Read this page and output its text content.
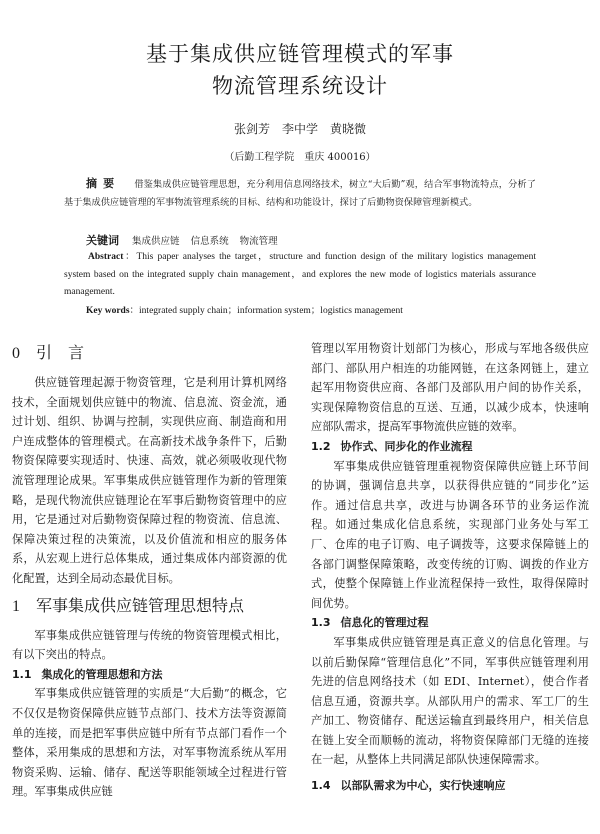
基于集成供应链管理模式的军事
物流管理系统设计
张剑芳　李中学　黄晓微
（后勤工程学院　重庆 400016）
摘要 借鉴集成供应链管理思想，充分利用信息网络技术，树立“大后勤”观，结合军事物流特点，分析了基于集成供应链管理的军事物流管理系统的目标、结构和功能设计，探讨了后勤物资保障管理新模式。
关键词 集成供应链 信息系统 物流管理
Abstract：This paper analyses the target，structure and function design of the military logistics management system based on the integrated supply chain management，and explores the new mode of logistics materials assurance management.
Key words：integrated supply chain；information system；logistics management
0 引　言

供应链管理起源于物资管理，它是利用计算机网络技术，全面规划供应链中的物流、信息流、资金流，通过计划、组织、协调与控制，实现供应商、制造商和用户连成整体的管理模式。在高新技术战争条件下，后勤物资保障要实现适时、快速、高效，就必须吸收现代物流管理理论成果。军事集成供应链管理作为新的管理策略，是现代物流供应链理论在军事后勤物资管理中的应用，它是通过对后勤物资保障过程的物资流、信息流、保障决策过程的决策流，以及价值流和相应的服务体系，从宏观上进行总体集成，通过集成体内部资源的优化配置，达到全局动态最优目标。

1 军事集成供应链管理思想特点

军事集成供应链管理与传统的物资管理模式相比，有以下突出的特点。

1.1 集成化的管理思想和方法

军事集成供应链管理的实质是“大后勤”的概念，它不仅仅是物资保障供应链节点部门、技术方法等资源简单的连接，而是把军事供应链中所有节点部门看作一个整体，采用集成的思想和方法，对军事物流系统从军用物资采购、运输、储存、配送等职能领域全过程进行管理。军事集成供应链

管理以军用物资计划部门为核心，形成与军地各级供应部门、部队用户相连的功能网链，在这条网链上，建立起军用物资供应商、各部门及部队用户间的协作关系，实现保障物资信息的互送、互通，以减少成本，快速响应部队需求，提高军事物流供应链的效率。

1.2 协作式、同步化的作业流程

军事集成供应链管理重视物资保障供应链上环节间的协调，强调信息共享，以获得供应链的“同步化”运作。通过信息共享，改进与协调各环节的业务运作流程。如通过集成化信息系统，实现部门业务处与军工厂、仓库的电子订购、电子调拨等，这要求保障链上的各部门调整保障策略，改变传统的订购、调拨的作业方式，使整个保障链上作业流程保持一致性，取得保障时间优势。

1.3 信息化的管理过程

军事集成供应链管理是真正意义的信息化管理。与以前后勤保障“管理信息化”不同，军事供应链管理利用先进的信息网络技术（如 EDI、Internet），使合作者信息互通，资源共享。从部队用户的需求、军工厂的生产加工、物资储存、配送运输直到最终用户，相关信息在链上安全而顺畅的流动，将物资保障部门无缝的连接在一起，从整体上共同满足部队快速保障需求。

1.4 以部队需求为中心，实行快速响应
